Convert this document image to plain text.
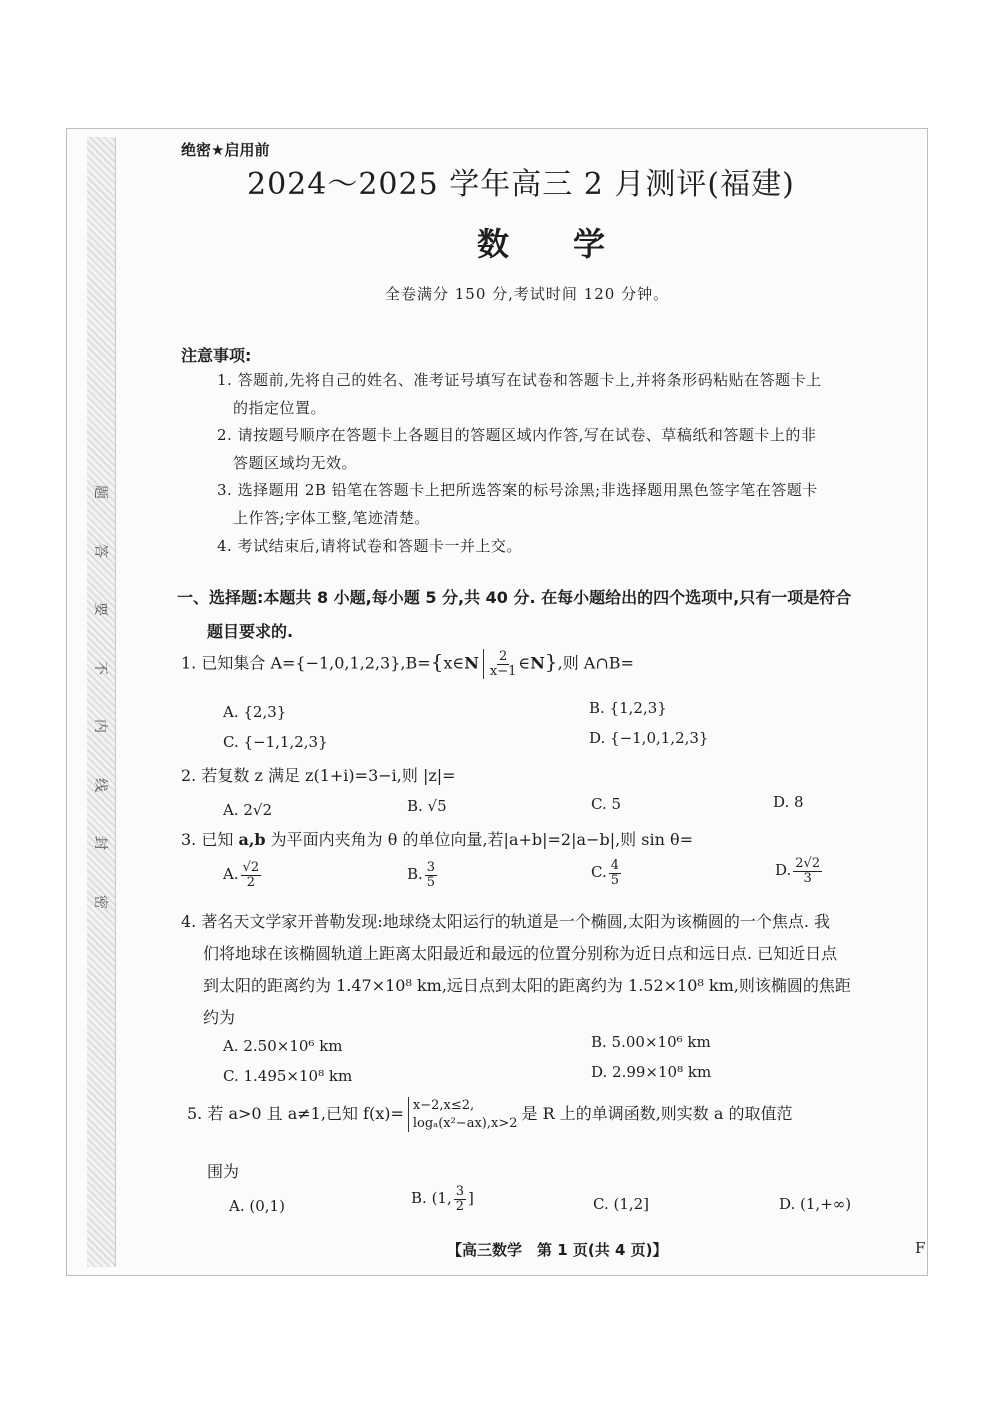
题
答
要
不
内
线
封
密
绝密★启用前
2024～2025 学年高三 2 月测评(福建)
数学
全卷满分 150 分,考试时间 120 分钟。
注意事项:
1. 答题前,先将自己的姓名、准考证号填写在试卷和答题卡上,并将条形码粘贴在答题卡上
的指定位置。
2. 请按题号顺序在答题卡上各题目的答题区域内作答,写在试卷、草稿纸和答题卡上的非
答题区域均无效。
3. 选择题用 2B 铅笔在答题卡上把所选答案的标号涂黑;非选择题用黑色签字笔在答题卡
上作答;字体工整,笔迹清楚。
4. 考试结束后,请将试卷和答题卡一并上交。
一、选择题:本题共 8 小题,每小题 5 分,共 40 分. 在每小题给出的四个选项中,只有一项是符合
题目要求的.
1. 已知集合 A={−1,0,1,2,3},B={x∈N $\frac{2}{x-1}$ ∈N},则 A∩B=
A. {2,3}	B. {1,2,3}
C. {−1,1,2,3}	D. {−1,0,1,2,3}
2. 若复数 z 满足 z(1+i)=3−i,则 |z|=
A. 2√2	B. √5	C. 5	D. 8
3. 已知 a,b 为平面内夹角为 θ 的单位向量,若|a+b|=2|a−b|,则 sin θ=
A. $\frac{√2}{2}$	B. $\frac{3}{5}$	C. $\frac{4}{5}$	D. $\frac{2√2}{3}$
4. 著名天文学家开普勒发现:地球绕太阳运行的轨道是一个椭圆,太阳为该椭圆的一个焦点. 我
们将地球在该椭圆轨道上距离太阳最近和最远的位置分别称为近日点和远日点. 已知近日点
到太阳的距离约为 1.47×10⁸ km,远日点到太阳的距离约为 1.52×10⁸ km,则该椭圆的焦距
约为
A. 2.50×10⁶ km	B. 5.00×10⁶ km
C. 1.495×10⁸ km	D. 2.99×10⁸ km
5. 若 a>0 且 a≠1,已知 f(x)= x−2,x≤2,
logₐ(x²−ax),x>2 是 R 上的单调函数,则实数 a 的取值范
围为
A. (0,1)	B. (1, $\frac{3}{2}$ ]	C. (1,2]	D. (1,+∞)
【高三数学　第 1 页(共 4 页)】	F
